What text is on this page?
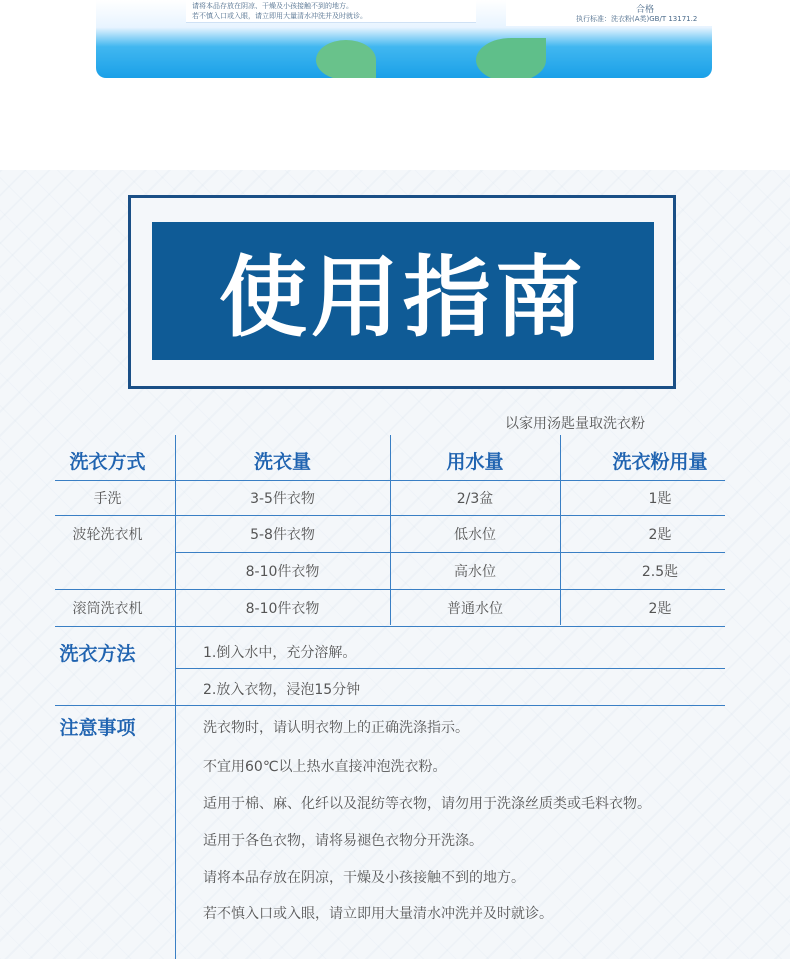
请将本品存放在阴凉、干燥及小孩接触不到的地方。
若不慎入口或入眼，请立即用大量清水冲洗并及时就诊。
合格
执行标准：洗衣粉(A类)GB/T 13171.2
使用指南
以家用汤匙量取洗衣粉
洗衣方式	洗衣量	用水量	洗衣粉用量
手洗	3-5件衣物	2/3盆	1匙
波轮洗衣机	5-8件衣物	低水位	2匙
8-10件衣物	高水位	2.5匙
滚筒洗衣机	8-10件衣物	普通水位	2匙
洗衣方法	1.倒入水中，充分溶解。
2.放入衣物，浸泡15分钟
注意事项	洗衣物时，请认明衣物上的正确洗涤指示。
不宜用60℃以上热水直接冲泡洗衣粉。
适用于棉、麻、化纤以及混纺等衣物，请勿用于洗涤丝质类或毛料衣物。
适用于各色衣物，请将易褪色衣物分开洗涤。
请将本品存放在阴凉，干燥及小孩接触不到的地方。
若不慎入口或入眼，请立即用大量清水冲洗并及时就诊。
